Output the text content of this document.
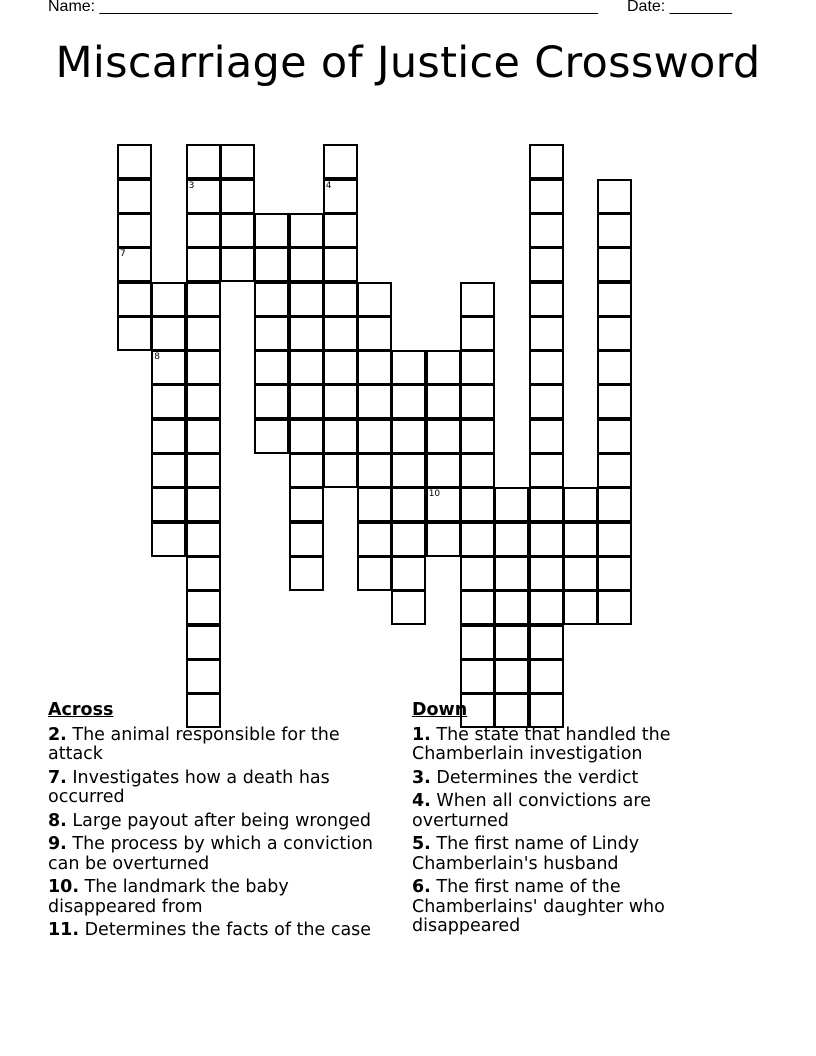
Name: ________________________________________________________ Date: _______
Miscarriage of Justice Crossword
7
8
3	4
10
Across
2. The animal responsible for the attack
7. Investigates how a death has occurred
8. Large payout after being wronged
9. The process by which a conviction can be overturned
10. The landmark the baby disappeared from
11. Determines the facts of the case
Down
1. The state that handled the Chamberlain investigation
3. Determines the verdict
4. When all convictions are overturned
5. The first name of Lindy Chamberlain's husband
6. The first name of the Chamberlains' daughter who disappeared
